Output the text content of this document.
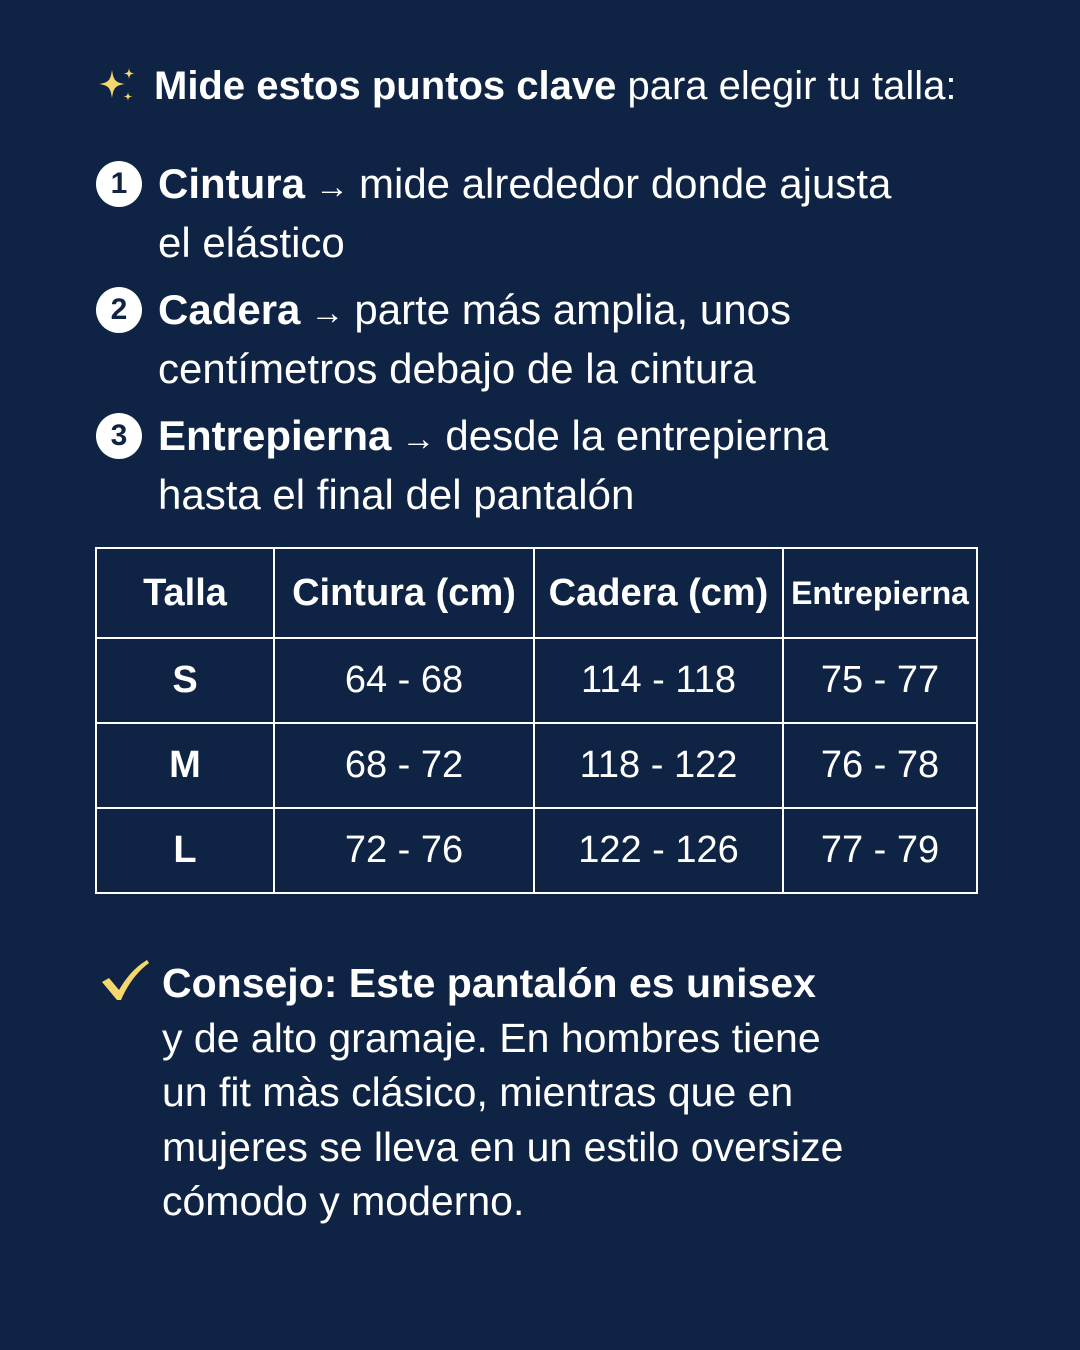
Mide estos puntos clave para elegir tu talla:
1 Cintura → mide alrededor donde ajusta
el elástico
2 Cadera → parte más amplia, unos
centímetros debajo de la cintura
3 Entrepierna → desde la entrepierna
hasta el final del pantalón
Talla	Cintura (cm)	Cadera (cm)	Entrepierna
S	64 - 68	114 - 118	75 - 77
M	68 - 72	118 - 122	76 - 78
L	72 - 76	122 - 126	77 - 79
Consejo: Este pantalón es unisex
y de alto gramaje. En hombres tiene
un fit màs clásico, mientras que en
mujeres se lleva en un estilo oversize
cómodo y moderno.
